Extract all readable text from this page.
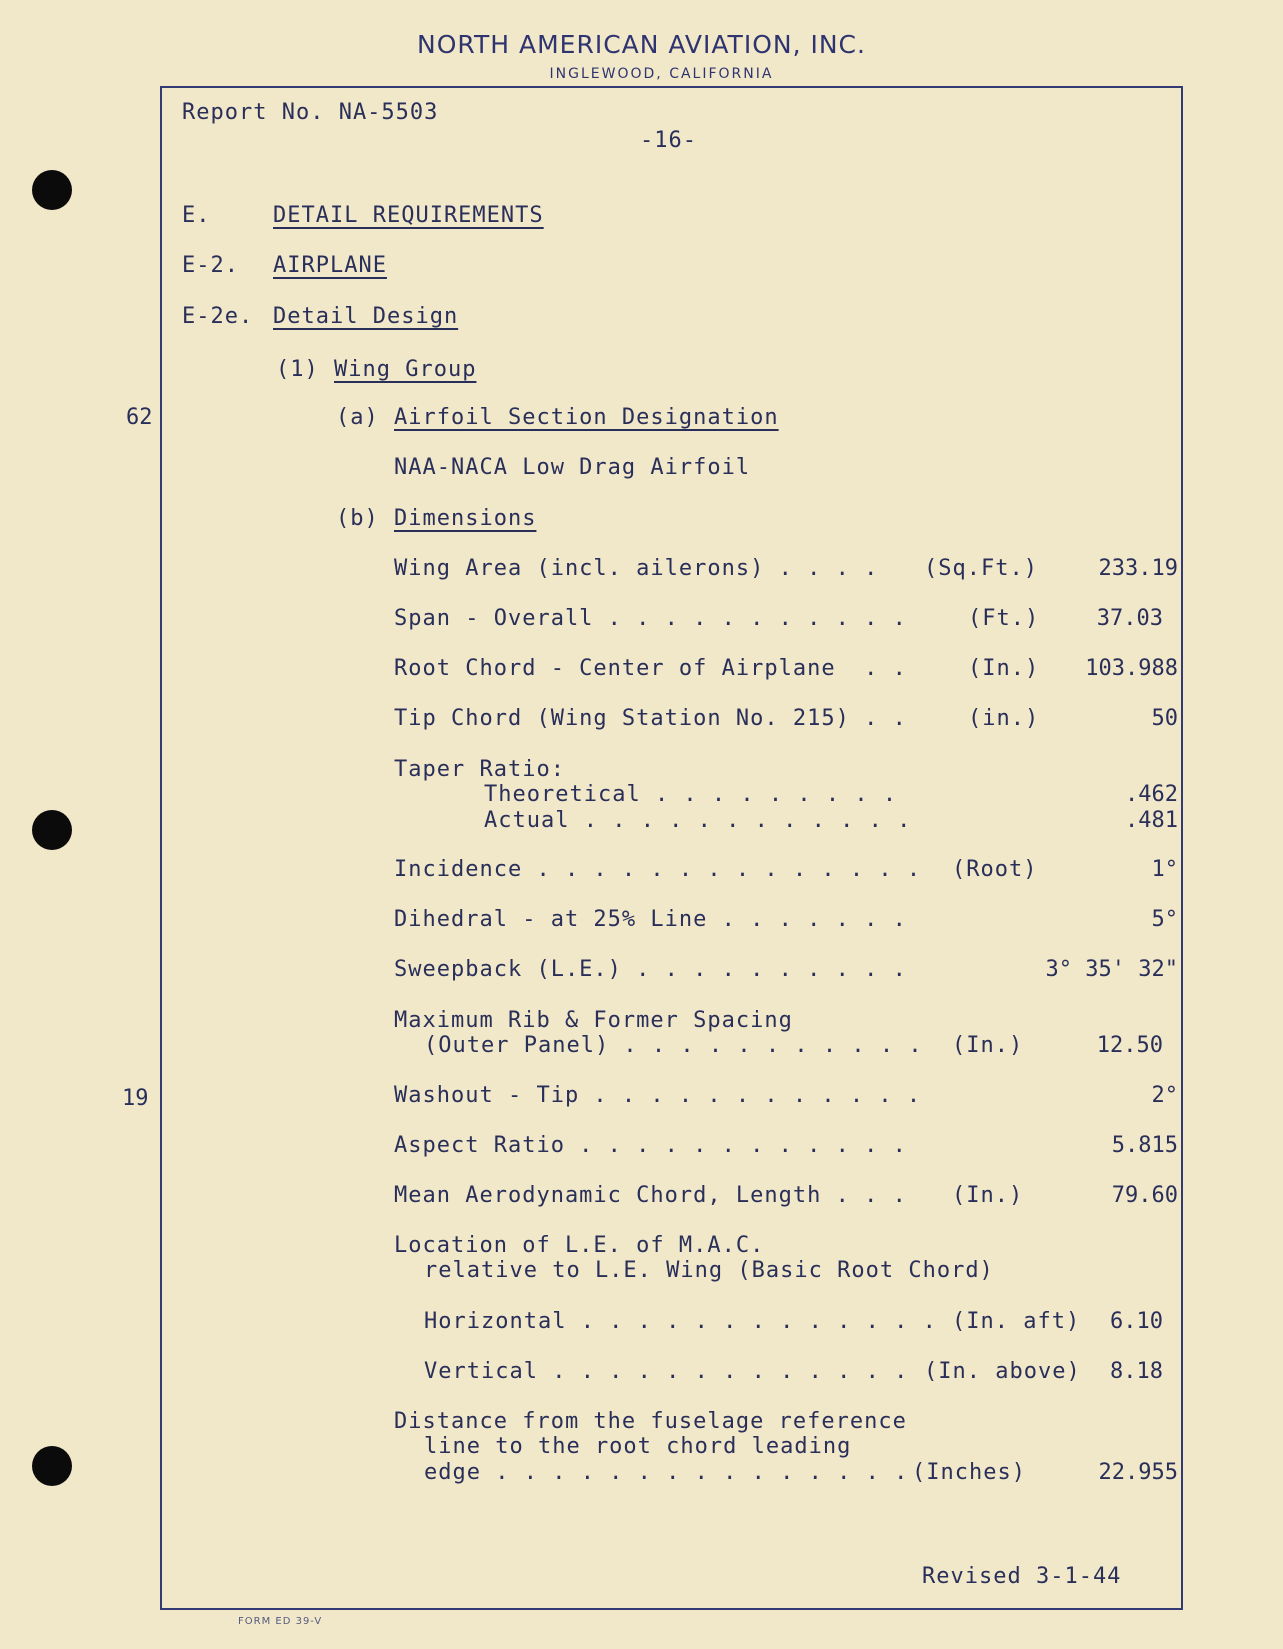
NORTH AMERICAN AVIATION, INC.
INGLEWOOD, CALIFORNIA
62
19
Report No. NA-5503
-16-
E.	DETAIL REQUIREMENTS
E-2. AIRPLANE
E-2e. Detail Design
(1) Wing Group
(a) Airfoil Section Designation
NAA-NACA Low Drag Airfoil
(b) Dimensions
Wing Area (incl. ailerons) . . . . (Sq.Ft.)	233.19
Span - Overall . . . . . . . . . . .	(Ft.)	37.03
Root Chord - Center of Airplane  . .	(In.) 103.988
Tip Chord (Wing Station No. 215) . .	(in.)	50
Taper Ratio:
Theoretical . . . . . . . . .	.462
Actual . . . . . . . . . . . .	.481
Incidence . . . . . . . . . . . . . . (Root)	1°
Dihedral - at 25% Line . . . . . . .	5°
Sweepback (L.E.) . . . . . . . . . .	3° 35' 32"
Maximum Rib & Former Spacing
(Outer Panel) . . . . . . . . . . . (In.)	12.50
Washout - Tip . . . . . . . . . . . .	2°
Aspect Ratio . . . . . . . . . . . .	5.815
Mean Aerodynamic Chord, Length . . . (In.)	79.60
Location of L.E. of M.A.C.
relative to L.E. Wing (Basic Root Chord)
Horizontal . . . . . . . . . . . . . (In. aft) 6.10
Vertical . . . . . . . . . . . . . (In. above) 8.18
Distance from the fuselage reference
line to the root chord leading
edge . . . . . . . . . . . . . . . (Inches)	22.955
Revised 3-1-44
FORM ED 39-V
